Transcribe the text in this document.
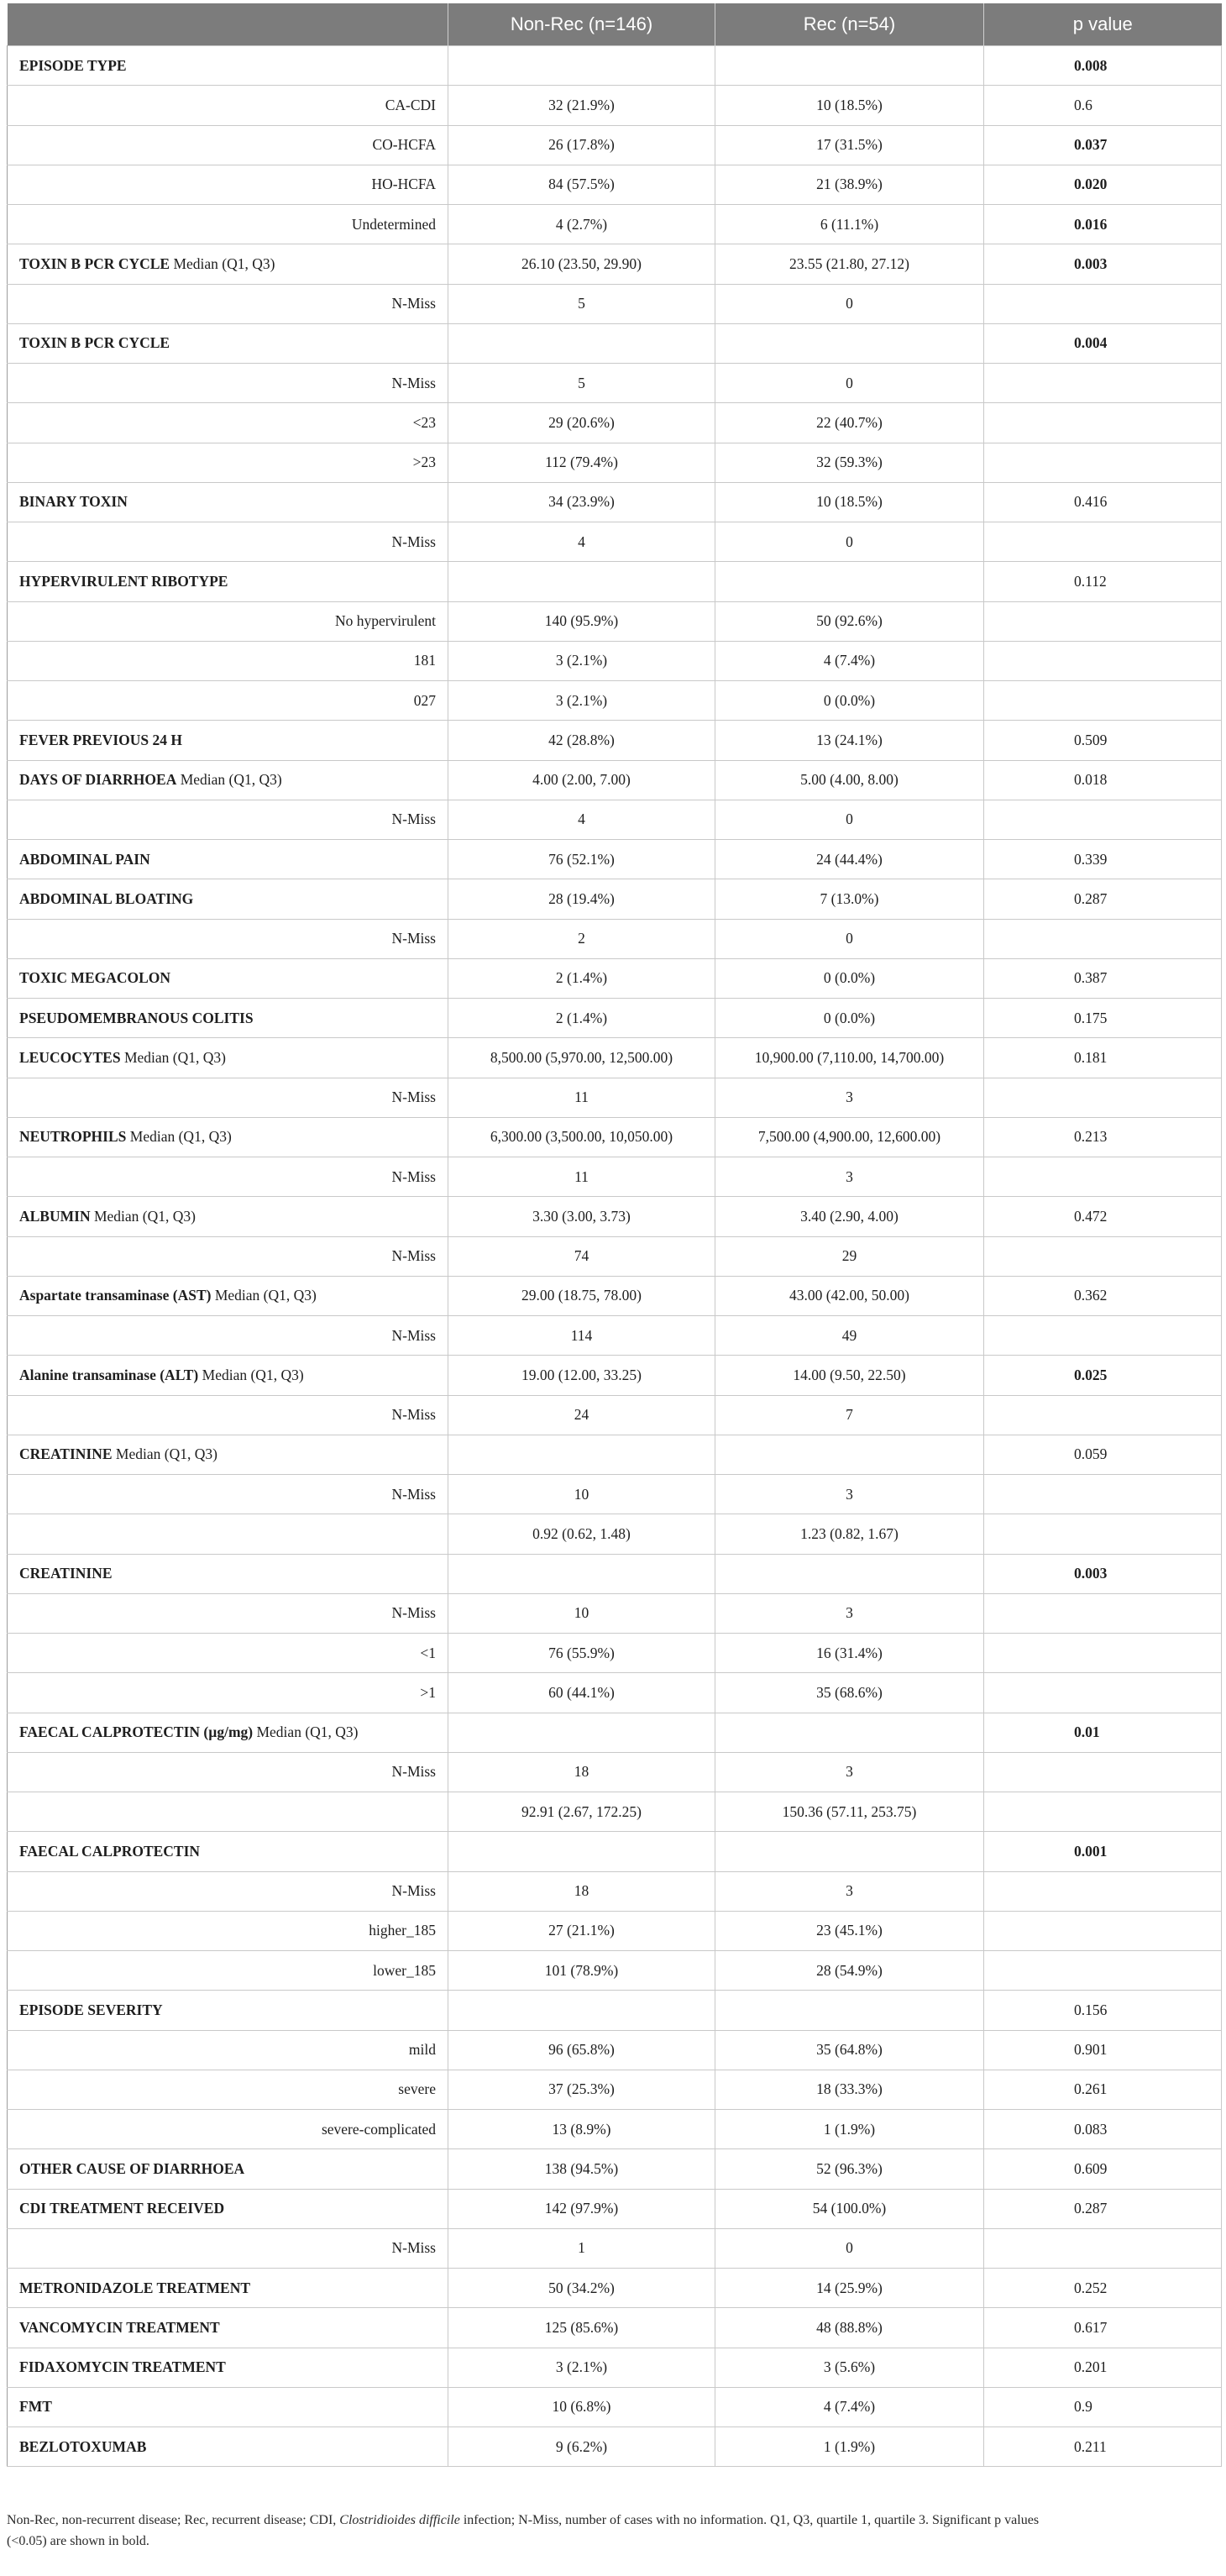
	Non-Rec (n=146)	Rec (n=54)	p value
EPISODE TYPE			0.008
CA-CDI	32 (21.9%)	10 (18.5%)	0.6
CO-HCFA	26 (17.8%)	17 (31.5%)	0.037
HO-HCFA	84 (57.5%)	21 (38.9%)	0.020
Undetermined	4 (2.7%)	6 (11.1%)	0.016
TOXIN B PCR CYCLE Median (Q1, Q3)	26.10 (23.50, 29.90)	23.55 (21.80, 27.12)	0.003
N-Miss	5	0	
TOXIN B PCR CYCLE			0.004
N-Miss	5	0	
<23	29 (20.6%)	22 (40.7%)	
>23	112 (79.4%)	32 (59.3%)	
BINARY TOXIN	34 (23.9%)	10 (18.5%)	0.416
N-Miss	4	0	
HYPERVIRULENT RIBOTYPE			0.112
No hypervirulent	140 (95.9%)	50 (92.6%)	
181	3 (2.1%)	4 (7.4%)	
027	3 (2.1%)	0 (0.0%)	
FEVER PREVIOUS 24 H	42 (28.8%)	13 (24.1%)	0.509
DAYS OF DIARRHOEA Median (Q1, Q3)	4.00 (2.00, 7.00)	5.00 (4.00, 8.00)	0.018
N-Miss	4	0	
ABDOMINAL PAIN	76 (52.1%)	24 (44.4%)	0.339
ABDOMINAL BLOATING	28 (19.4%)	7 (13.0%)	0.287
N-Miss	2	0	
TOXIC MEGACOLON	2 (1.4%)	0 (0.0%)	0.387
PSEUDOMEMBRANOUS COLITIS	2 (1.4%)	0 (0.0%)	0.175
LEUCOCYTES Median (Q1, Q3)	8,500.00 (5,970.00, 12,500.00)	10,900.00 (7,110.00, 14,700.00)	0.181
N-Miss	11	3	
NEUTROPHILS Median (Q1, Q3)	6,300.00 (3,500.00, 10,050.00)	7,500.00 (4,900.00, 12,600.00)	0.213
N-Miss	11	3	
ALBUMIN Median (Q1, Q3)	3.30 (3.00, 3.73)	3.40 (2.90, 4.00)	0.472
N-Miss	74	29	
Aspartate transaminase (AST) Median (Q1, Q3)	29.00 (18.75, 78.00)	43.00 (42.00, 50.00)	0.362
N-Miss	114	49	
Alanine transaminase (ALT) Median (Q1, Q3)	19.00 (12.00, 33.25)	14.00 (9.50, 22.50)	0.025
N-Miss	24	7	
CREATININE Median (Q1, Q3)			0.059
N-Miss	10	3	
	0.92 (0.62, 1.48)	1.23 (0.82, 1.67)	
CREATININE			0.003
N-Miss	10	3	
<1	76 (55.9%)	16 (31.4%)	
>1	60 (44.1%)	35 (68.6%)	
FAECAL CALPROTECTIN (µg/mg) Median (Q1, Q3)			0.01
N-Miss	18	3	
	92.91 (2.67, 172.25)	150.36 (57.11, 253.75)	
FAECAL CALPROTECTIN			0.001
N-Miss	18	3	
higher_185	27 (21.1%)	23 (45.1%)	
lower_185	101 (78.9%)	28 (54.9%)	
EPISODE SEVERITY			0.156
mild	96 (65.8%)	35 (64.8%)	0.901
severe	37 (25.3%)	18 (33.3%)	0.261
severe-complicated	13 (8.9%)	1 (1.9%)	0.083
OTHER CAUSE OF DIARRHOEA	138 (94.5%)	52 (96.3%)	0.609
CDI TREATMENT RECEIVED	142 (97.9%)	54 (100.0%)	0.287
N-Miss	1	0	
METRONIDAZOLE TREATMENT	50 (34.2%)	14 (25.9%)	0.252
VANCOMYCIN TREATMENT	125 (85.6%)	48 (88.8%)	0.617
FIDAXOMYCIN TREATMENT	3 (2.1%)	3 (5.6%)	0.201
FMT	10 (6.8%)	4 (7.4%)	0.9
BEZLOTOXUMAB	9 (6.2%)	1 (1.9%)	0.211
Non-Rec, non-recurrent disease; Rec, recurrent disease; CDI, Clostridioides difficile infection; N-Miss, number of cases with no information. Q1, Q3, quartile 1, quartile 3. Significant p values
(<0.05) are shown in bold.
